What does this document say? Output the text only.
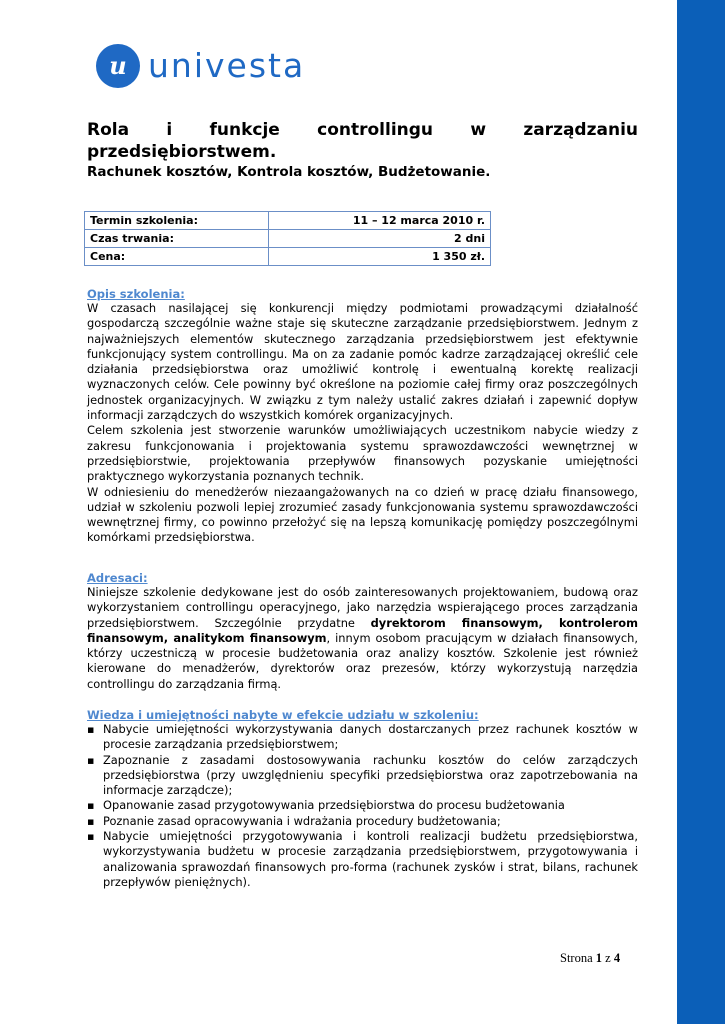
u univesta
Rola i funkcje controllingu w zarządzaniu
przedsiębiorstwem.
Rachunek kosztów, Kontrola kosztów, Budżetowanie.
Termin szkolenia:	11 – 12 marca 2010 r.
Czas trwania:	2 dni
Cena:	1 350 zł.
Opis szkolenia:

W czasach nasilającej się konkurencji między podmiotami prowadzącymi działalność gospodarczą szczególnie ważne staje się skuteczne zarządzanie przedsiębiorstwem. Jednym z najważniejszych elementów skutecznego zarządzania przedsiębiorstwem jest efektywnie funkcjonujący system controllingu. Ma on za zadanie pomóc kadrze zarządzającej określić cele działania przedsiębiorstwa oraz umożliwić kontrolę i ewentualną korektę realizacji wyznaczonych celów. Cele powinny być określone na poziomie całej firmy oraz poszczególnych jednostek organizacyjnych. W związku z tym należy ustalić zakres działań i zapewnić dopływ informacji zarządczych do wszystkich komórek organizacyjnych.

Celem szkolenia jest stworzenie warunków umożliwiających uczestnikom nabycie wiedzy z zakresu funkcjonowania i projektowania systemu sprawozdawczości wewnętrznej w przedsiębiorstwie, projektowania przepływów finansowych pozyskanie umiejętności praktycznego wykorzystania poznanych technik.

W odniesieniu do menedżerów niezaangażowanych na co dzień w pracę działu finansowego, udział w szkoleniu pozwoli lepiej zrozumieć zasady funkcjonowania systemu sprawozdawczości wewnętrznej firmy, co powinno przełożyć się na lepszą komunikację pomiędzy poszczególnymi komórkami przedsiębiorstwa.

Adresaci:

Niniejsze szkolenie dedykowane jest do osób zainteresowanych projektowaniem, budową oraz wykorzystaniem controllingu operacyjnego, jako narzędzia wspierającego proces zarządzania przedsiębiorstwem. Szczególnie przydatne dyrektorom finansowym, kontrolerom finansowym, analitykom finansowym, innym osobom pracującym w działach finansowych, którzy uczestniczą w procesie budżetowania oraz analizy kosztów. Szkolenie jest również kierowane do menadżerów, dyrektorów oraz prezesów, którzy wykorzystują narzędzia controllingu do zarządzania firmą.

Wiedza i umiejętności nabyte w efekcie udziału w szkoleniu:
▪ Nabycie umiejętności wykorzystywania danych dostarczanych przez rachunek kosztów w procesie zarządzania przedsiębiorstwem;
▪ Zapoznanie z zasadami dostosowywania rachunku kosztów do celów zarządczych przedsiębiorstwa (przy uwzględnieniu specyfiki przedsiębiorstwa oraz zapotrzebowania na informacje zarządcze);
▪ Opanowanie zasad przygotowywania przedsiębiorstwa do procesu budżetowania
▪ Poznanie zasad opracowywania i wdrażania procedury budżetowania;
▪ Nabycie umiejętności przygotowywania i kontroli realizacji budżetu przedsiębiorstwa, wykorzystywania budżetu w procesie zarządzania przedsiębiorstwem, przygotowywania i analizowania sprawozdań finansowych pro-forma (rachunek zysków i strat, bilans, rachunek przepływów pieniężnych).
Strona 1 z 4
